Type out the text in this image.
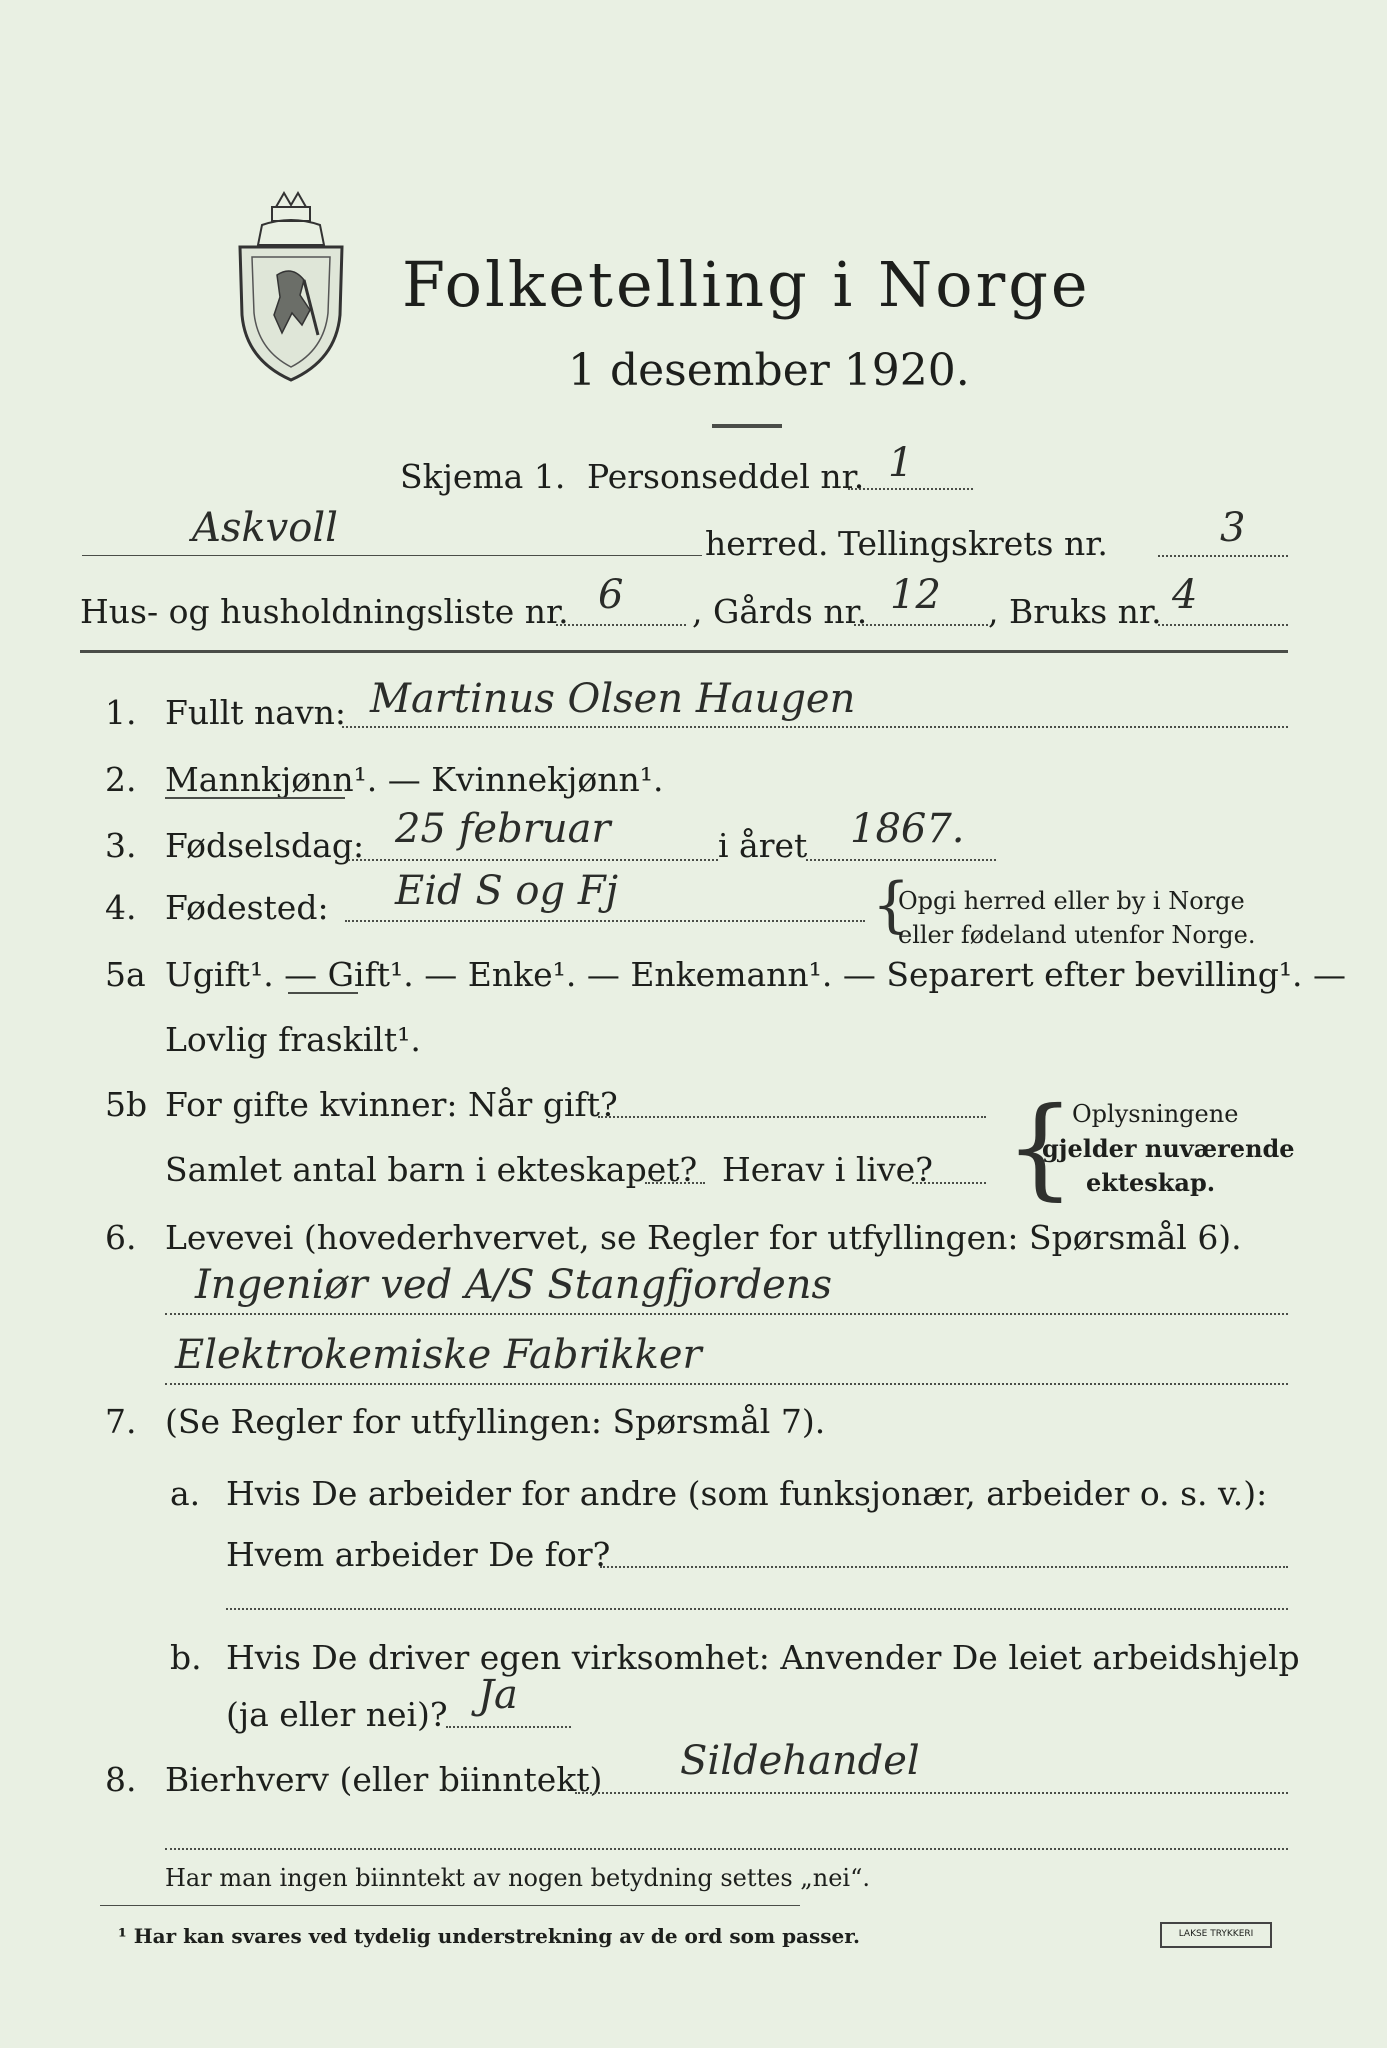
Folketelling i Norge
1 desember 1920.
Skjema 1. Personseddel nr. 1
Askvoll	herred. Tellingskrets nr.	3
Hus- og husholdningsliste nr. 6 , Gårds nr. 12 , Bruks nr. 4
1. Fullt navn: Martinus Olsen Haugen
2. Mannkjønn¹. — Kvinnekjønn¹.
3. Fødselsdag: 25 februar	i året 1867.
4. Fødested: Eid S og Fj	{
Opgi herred eller by i Norge
eller fødeland utenfor Norge.
5a Ugift¹. — Gift¹. — Enke¹. — Enkemann¹. — Separert efter bevilling¹. —
Lovlig fraskilt¹.
5b For gifte kvinner: Når gift?
Samlet antal barn i ekteskapet? Herav i live? {
Oplysningene
gjelder nuværende
ekteskap.
6. Levevei (hovederhvervet, se Regler for utfyllingen: Spørsmål 6).
Ingeniør ved A/S Stangfjordens
Elektrokemiske Fabrikker
7. (Se Regler for utfyllingen: Spørsmål 7).
a. Hvis De arbeider for andre (som funksjonær, arbeider o. s. v.):
Hvem arbeider De for?
b. Hvis De driver egen virksomhet: Anvender De leiet arbeidshjelp
(ja eller nei)? Ja
8. Bierhverv (eller biinntekt) Sildehandel
Har man ingen biinntekt av nogen betydning settes „nei“.
¹ Har kan svares ved tydelig understrekning av de ord som passer.	LAKSE TRYKKERI
